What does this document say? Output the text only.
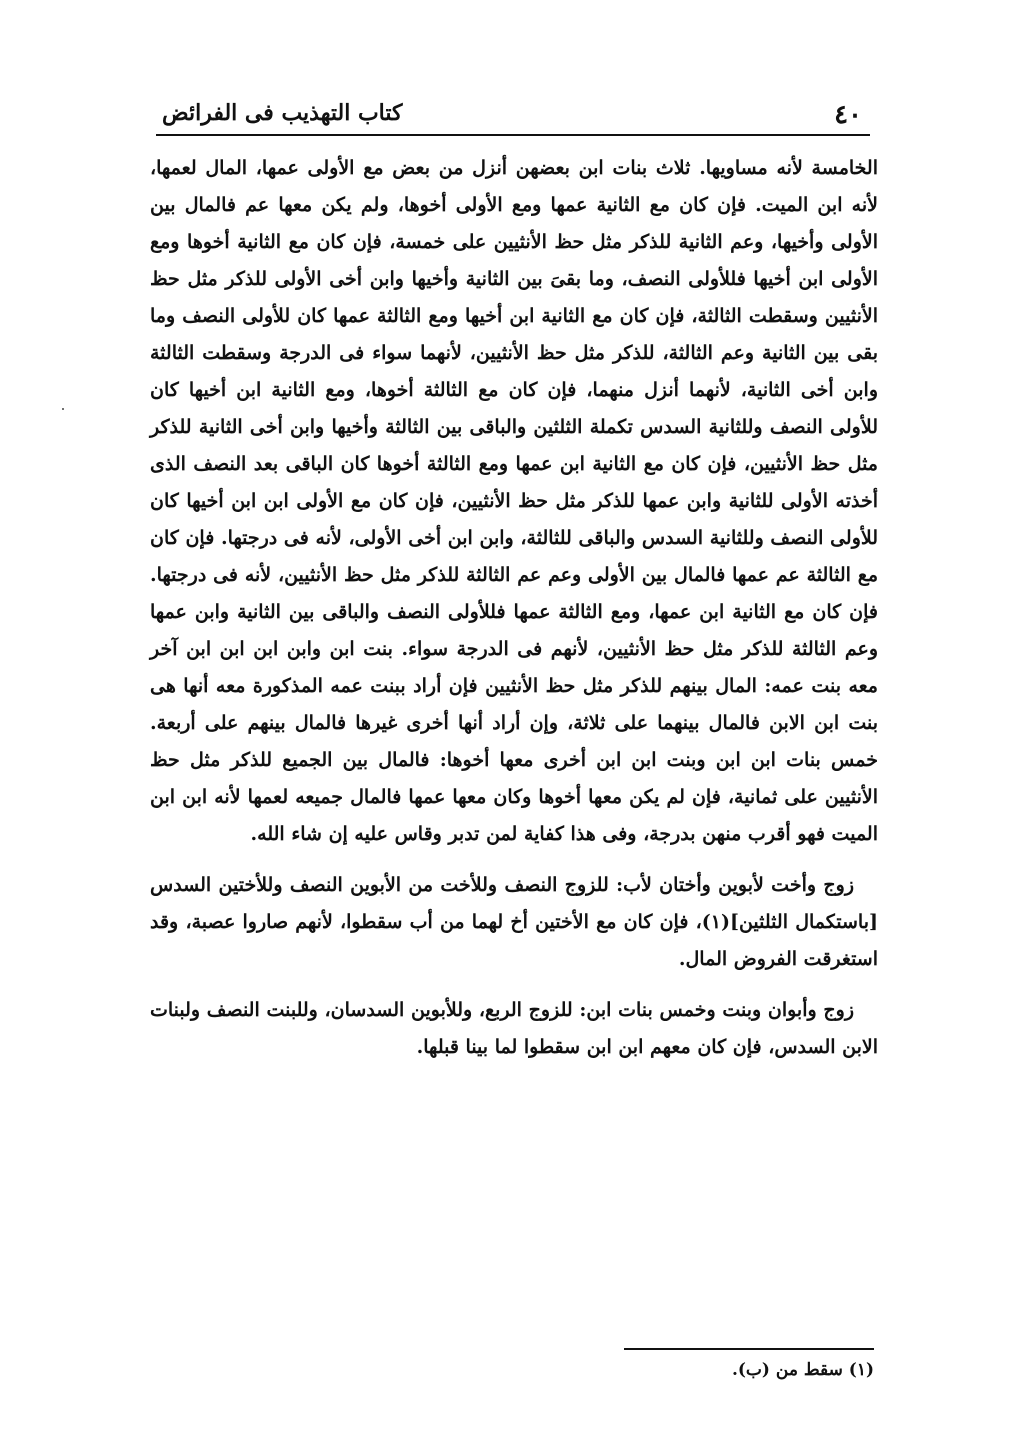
٤٠
كتاب التهذيب فى الفرائض

الخامسة لأنه مساويها. ثلاث بنات ابن بعضهن أنزل من بعض مع الأولى عمها، المال لعمها، لأنه ابن الميت. فإن كان مع الثانية عمها ومع الأولى أخوها، ولم يكن معها عم فالمال بين الأولى وأخيها، وعم الثانية للذكر مثل حظ الأنثيين على خمسة، فإن كان مع الثانية أخوها ومع الأولى ابن أخيها فللأولى النصف، وما بقىَ بين الثانية وأخيها وابن أخى الأولى للذكر مثل حظ الأنثيين وسقطت الثالثة، فإن كان مع الثانية ابن أخيها ومع الثالثة عمها كان للأولى النصف وما بقى بين الثانية وعم الثالثة، للذكر مثل حظ الأنثيين، لأنهما سواء فى الدرجة وسقطت الثالثة وابن أخى الثانية، لأنهما أنزل منهما، فإن كان مع الثالثة أخوها، ومع الثانية ابن أخيها كان للأولى النصف وللثانية السدس تكملة الثلثين والباقى بين الثالثة وأخيها وابن أخى الثانية للذكر مثل حظ الأنثيين، فإن كان مع الثانية ابن عمها ومع الثالثة أخوها كان الباقى بعد النصف الذى أخذته الأولى للثانية وابن عمها للذكر مثل حظ الأنثيين، فإن كان مع الأولى ابن ابن أخيها كان للأولى النصف وللثانية السدس والباقى للثالثة، وابن ابن أخى الأولى، لأنه فى درجتها. فإن كان مع الثالثة عم عمها فالمال بين الأولى وعم عم الثالثة للذكر مثل حظ الأنثيين، لأنه فى درجتها. فإن كان مع الثانية ابن عمها، ومع الثالثة عمها فللأولى النصف والباقى بين الثانية وابن عمها وعم الثالثة للذكر مثل حظ الأنثيين، لأنهم فى الدرجة سواء. بنت ابن وابن ابن ابن ابن آخر معه بنت عمه: المال بينهم للذكر مثل حظ الأنثيين فإن أراد ببنت عمه المذكورة معه أنها هى بنت ابن الابن فالمال بينهما على ثلاثة، وإن أراد أنها أخرى غيرها فالمال بينهم على أربعة. خمس بنات ابن ابن وبنت ابن ابن أخرى معها أخوها: فالمال بين الجميع للذكر مثل حظ الأنثيين على ثمانية، فإن لم يكن معها أخوها وكان معها عمها فالمال جميعه لعمها لأنه ابن ابن الميت فهو أقرب منهن بدرجة، وفى هذا كفاية لمن تدبر وقاس عليه إن شاء الله.

زوج وأخت لأبوين وأختان لأب: للزوج النصف وللأخت من الأبوين النصف وللأختين السدس [باستكمال الثلثين](١)، فإن كان مع الأختين أخ لهما من أب سقطوا، لأنهم صاروا عصبة، وقد استغرقت الفروض المال.

زوج وأبوان وبنت وخمس بنات ابن: للزوج الربع، وللأبوين السدسان، وللبنت النصف ولبنات الابن السدس، فإن كان معهم ابن ابن سقطوا لما بينا قبلها.

(١) سقط من (ب).
